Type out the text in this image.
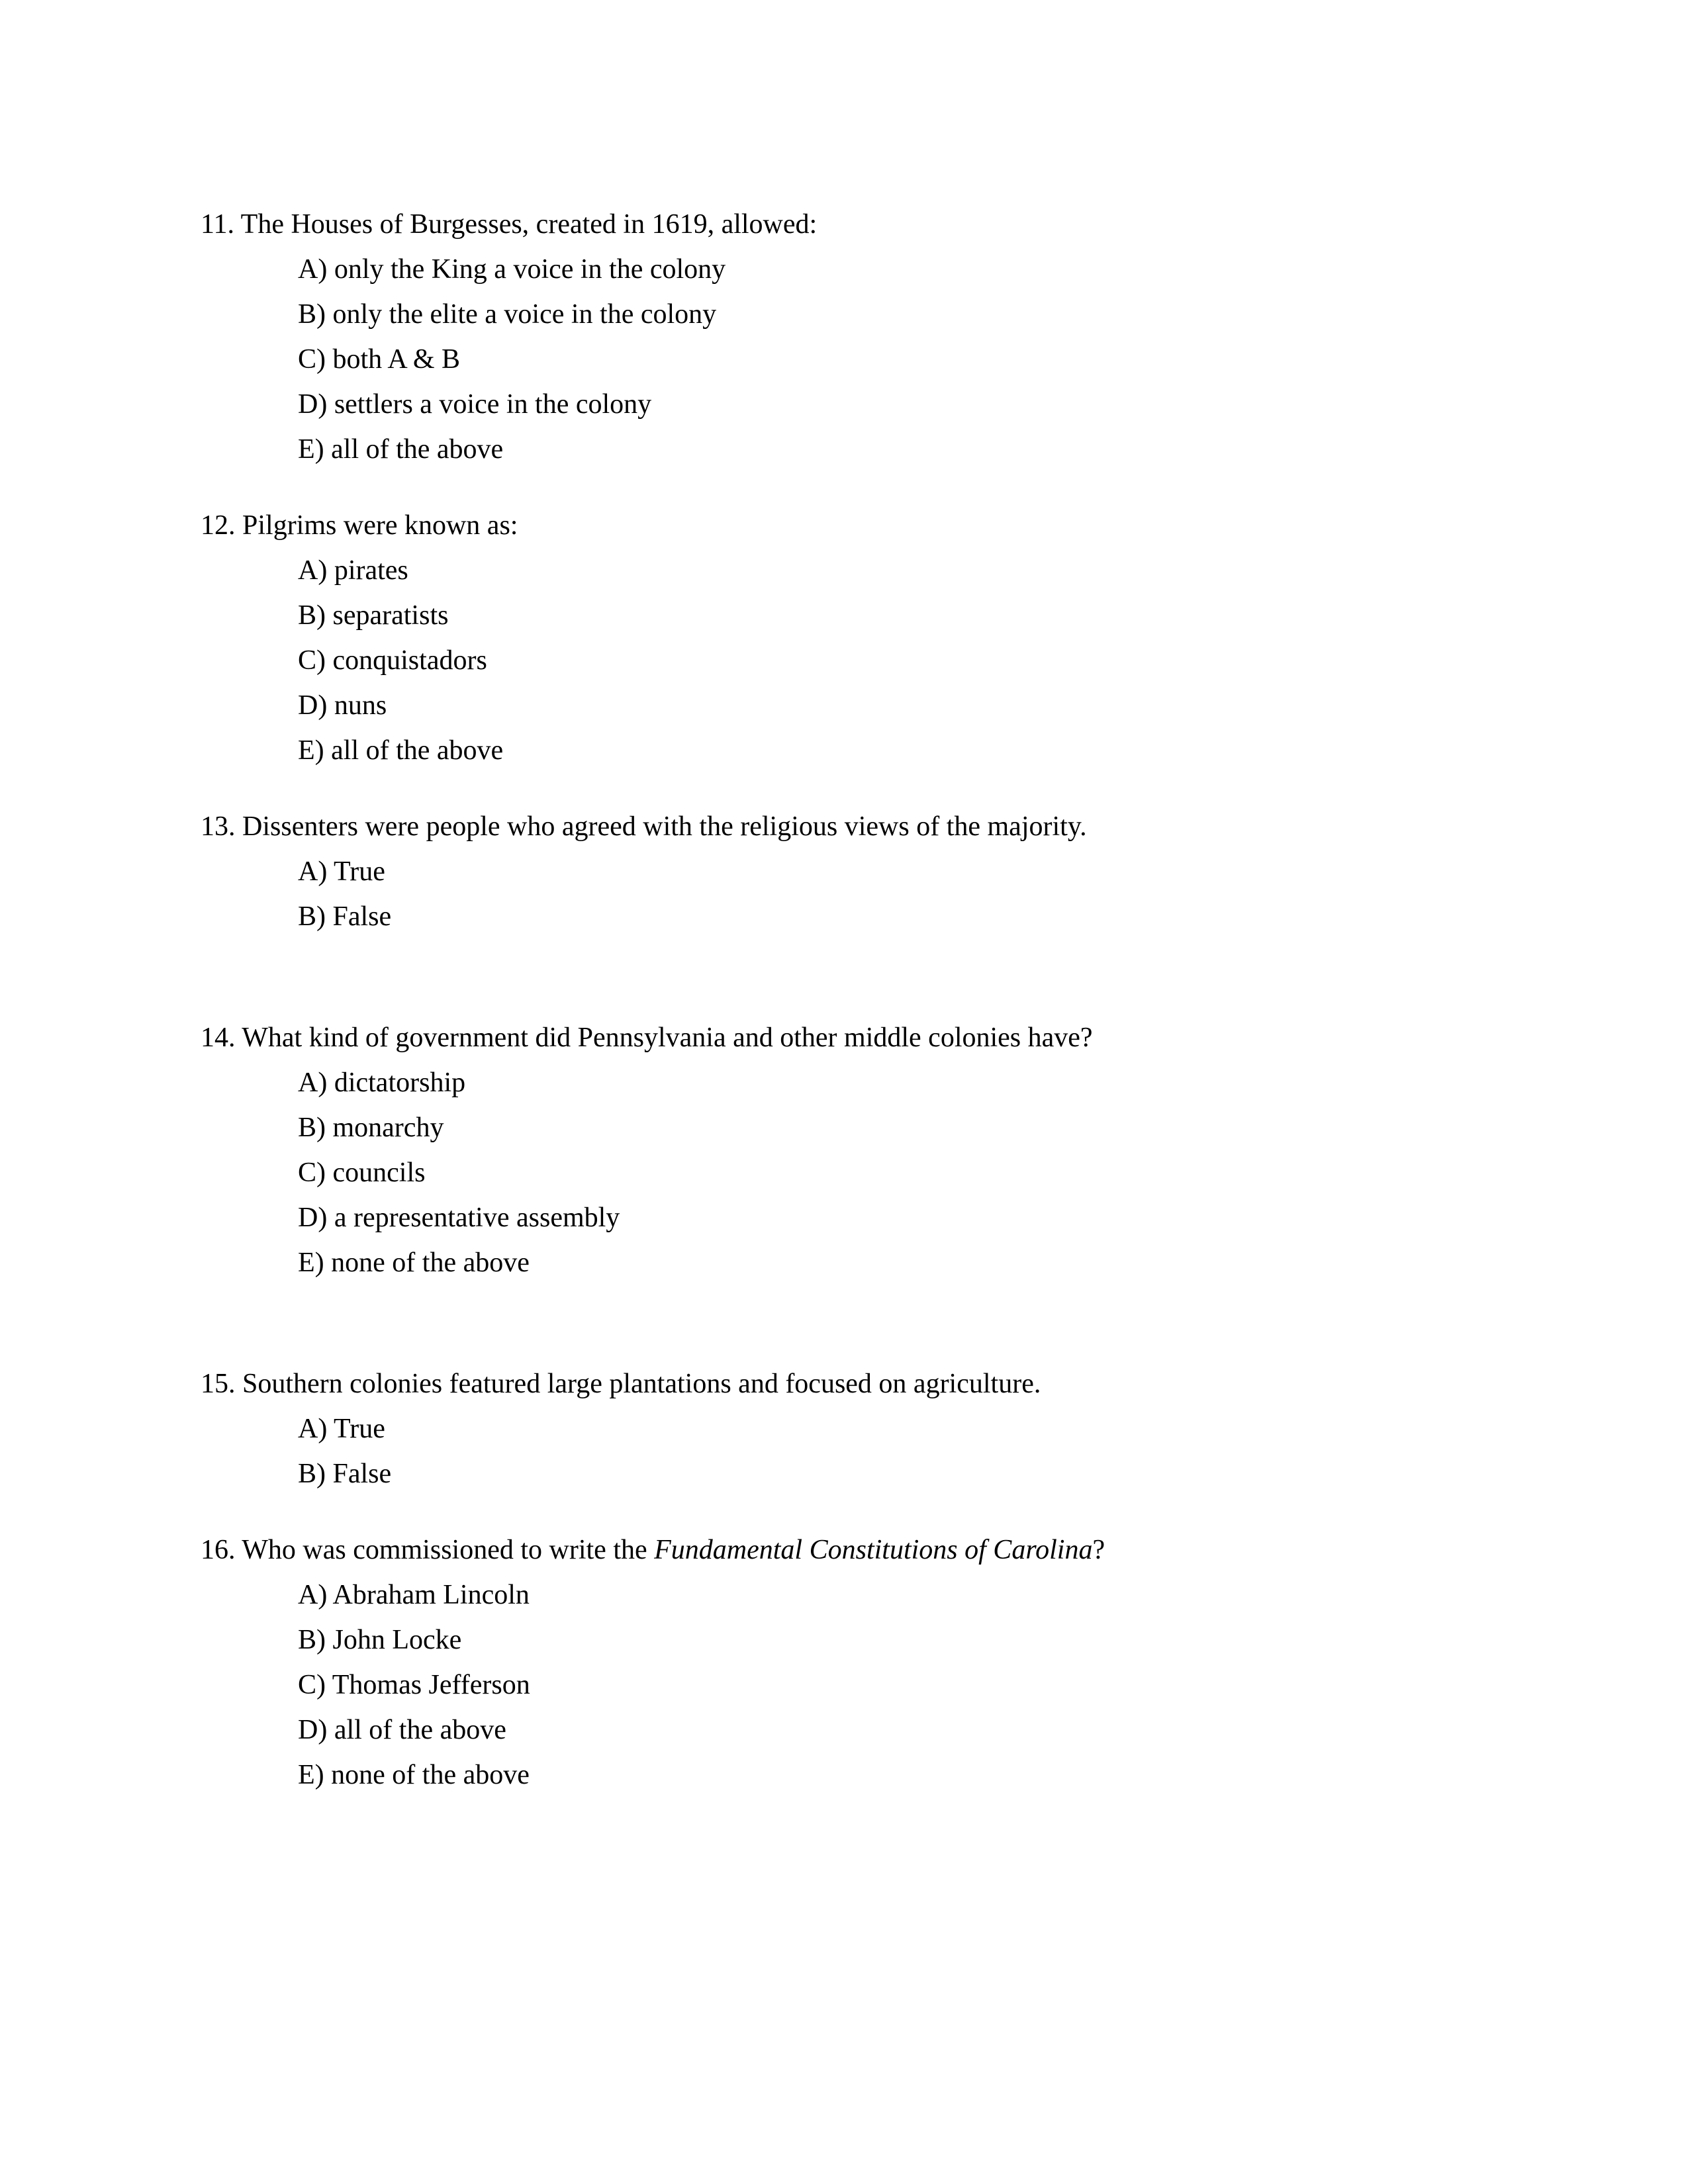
11. The Houses of Burgesses, created in 1619, allowed:

A) only the King a voice in the colony
B) only the elite a voice in the colony
C) both A & B
D) settlers a voice in the colony
E) all of the above

12. Pilgrims were known as:

A) pirates
B) separatists
C) conquistadors
D) nuns
E) all of the above

13. Dissenters were people who agreed with the religious views of the majority.

A) True
B) False

14. What kind of government did Pennsylvania and other middle colonies have?

A) dictatorship
B) monarchy
C) councils
D) a representative assembly
E) none of the above

15. Southern colonies featured large plantations and focused on agriculture.

A) True
B) False

16. Who was commissioned to write the Fundamental Constitutions of Carolina?

A) Abraham Lincoln
B) John Locke
C) Thomas Jefferson
D) all of the above
E) none of the above
